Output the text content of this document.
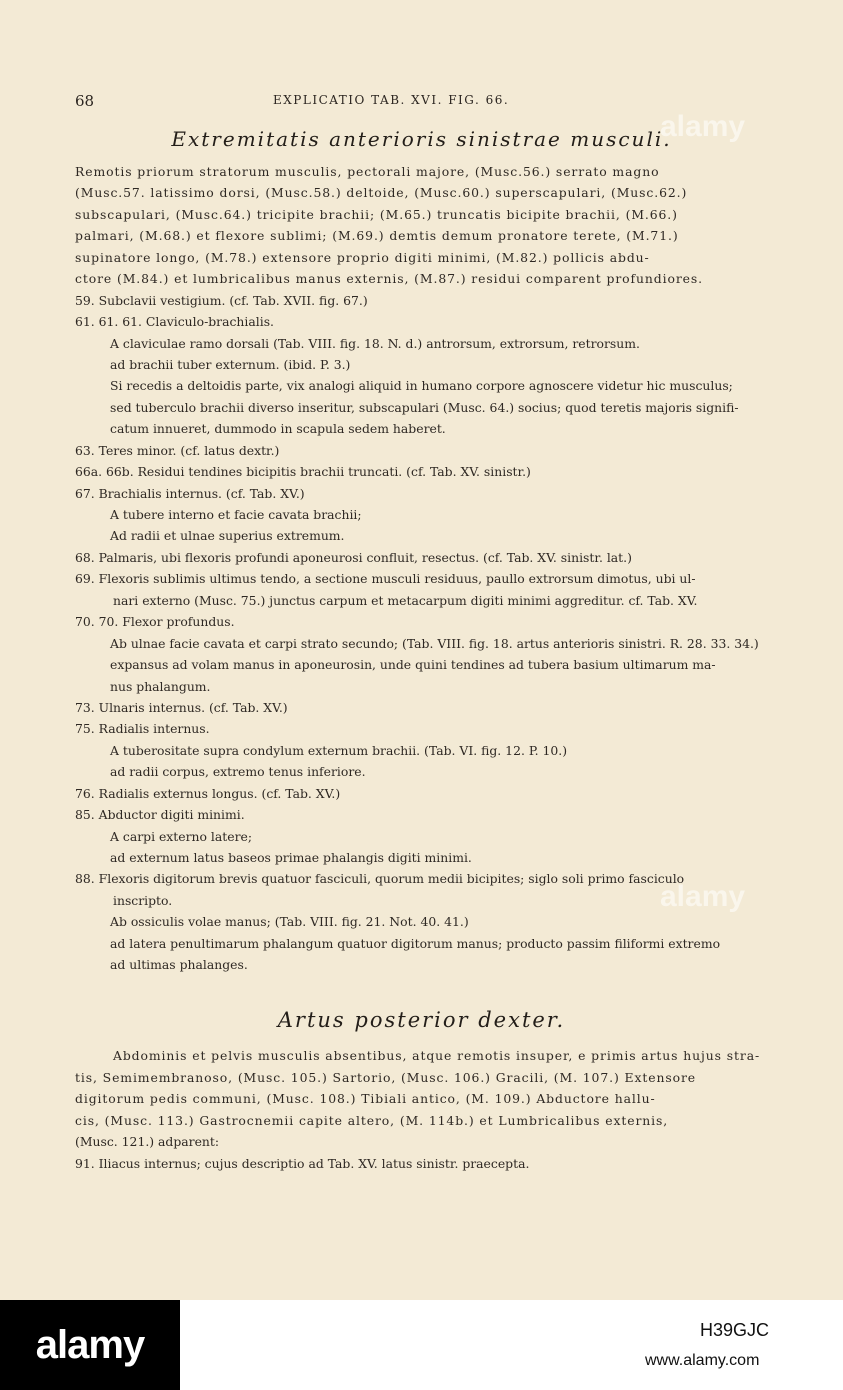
68	EXPLICATIO TAB. XVI. FIG. 66.
Extremitatis anterioris sinistrae musculi.

Remotis priorum stratorum musculis, pectorali majore, (Musc.56.) serrato magno

(Musc.57. latissimo dorsi, (Musc.58.) deltoide, (Musc.60.) superscapulari, (Musc.62.)

subscapulari, (Musc.64.) tricipite brachii; (M.65.) truncatis bicipite brachii, (M.66.)

palmari, (M.68.) et flexore sublimi; (M.69.) demtis demum pronatore terete, (M.71.)

supinatore longo, (M.78.) extensore proprio digiti minimi, (M.82.) pollicis abdu-

ctore (M.84.) et lumbricalibus manus externis, (M.87.) residui comparent profundiores.

59. Subclavii vestigium. (cf. Tab. XVII. fig. 67.)

61. 61. 61. Claviculo-brachialis.

A claviculae ramo dorsali (Tab. VIII. fig. 18. N. d.) antrorsum, extrorsum, retrorsum.

ad brachii tuber externum. (ibid. P. 3.)

Si recedis a deltoidis parte, vix analogi aliquid in humano corpore agnoscere videtur hic musculus;

sed tuberculo brachii diverso inseritur, subscapulari (Musc. 64.) socius; quod teretis majoris signifi-

catum innueret, dummodo in scapula sedem haberet.

63. Teres minor. (cf. latus dextr.)

66a. 66b. Residui tendines bicipitis brachii truncati. (cf. Tab. XV. sinistr.)

67. Brachialis internus. (cf. Tab. XV.)

A tubere interno et facie cavata brachii;

Ad radii et ulnae superius extremum.

68. Palmaris, ubi flexoris profundi aponeurosi confluit, resectus. (cf. Tab. XV. sinistr. lat.)

69. Flexoris sublimis ultimus tendo, a sectione musculi residuus, paullo extrorsum dimotus, ubi ul-

nari externo (Musc. 75.) junctus carpum et metacarpum digiti minimi aggreditur. cf. Tab. XV.

70. 70. Flexor profundus.

Ab ulnae facie cavata et carpi strato secundo; (Tab. VIII. fig. 18. artus anterioris sinistri. R. 28. 33. 34.)

expansus ad volam manus in aponeurosin, unde quini tendines ad tubera basium ultimarum ma-

nus phalangum.

73. Ulnaris internus. (cf. Tab. XV.)

75. Radialis internus.

A tuberositate supra condylum externum brachii. (Tab. VI. fig. 12. P. 10.)

ad radii corpus, extremo tenus inferiore.

76. Radialis externus longus. (cf. Tab. XV.)

85. Abductor digiti minimi.

A carpi externo latere;

ad externum latus baseos primae phalangis digiti minimi.

88. Flexoris digitorum brevis quatuor fasciculi, quorum medii bicipites; siglo soli primo fasciculo

inscripto.

Ab ossiculis volae manus; (Tab. VIII. fig. 21. Not. 40. 41.)

ad latera penultimarum phalangum quatuor digitorum manus; producto passim filiformi extremo

ad ultimas phalanges.

Artus posterior dexter.

Abdominis et pelvis musculis absentibus, atque remotis insuper, e primis artus hujus stra-

tis, Semimembranoso, (Musc. 105.) Sartorio, (Musc. 106.) Gracili, (M. 107.) Extensore

digitorum pedis communi, (Musc. 108.) Tibiali antico, (M. 109.) Abductore hallu-

cis, (Musc. 113.) Gastrocnemii capite altero, (M. 114b.) et Lumbricalibus externis,

(Musc. 121.) adparent:

91. Iliacus internus; cujus descriptio ad Tab. XV. latus sinistr. praecepta.

alamy
alamy
alamy	H39GJC
www.alamy.com
